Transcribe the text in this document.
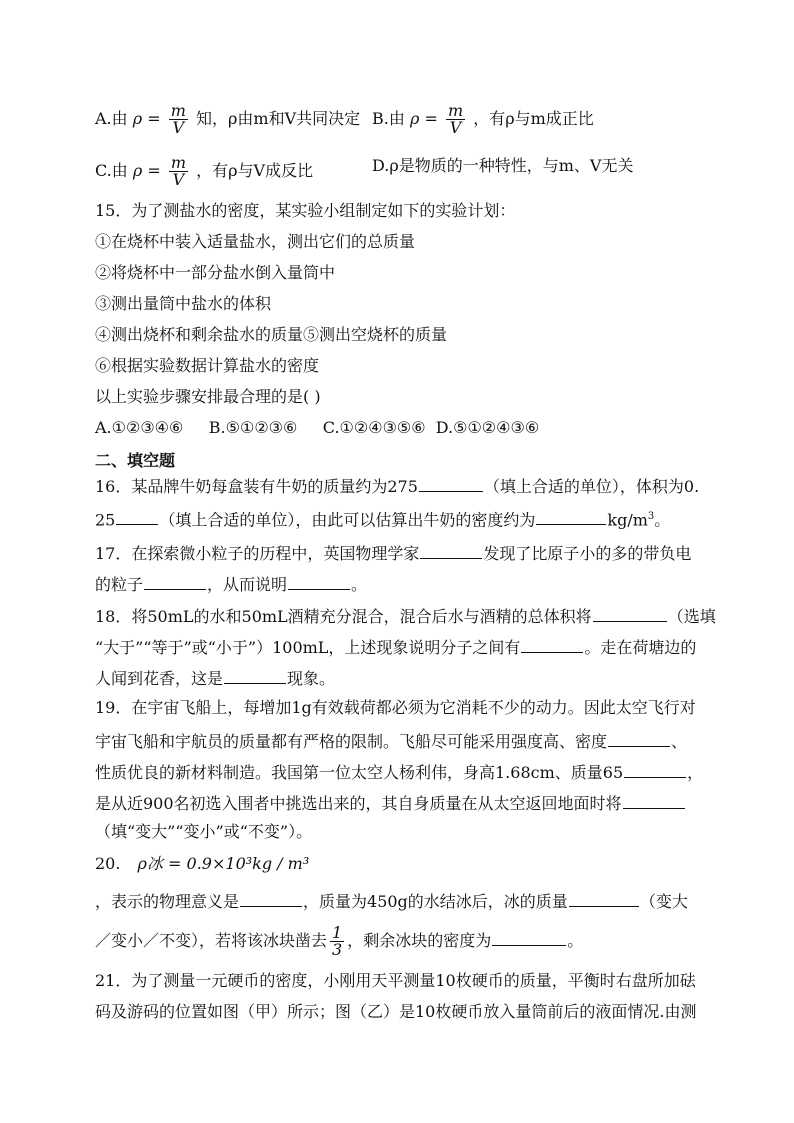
A.由 $\rho = \frac{m}{V}$ 知，ρ由m和V共同决定 B.由 $\rho = \frac{m}{V}$ ，有ρ与m成正比
C.由 $\rho = \frac{m}{V}$ ，有ρ与V成反比	D.ρ是物质的一种特性，与m、V无关
15．为了测盐水的密度，某实验小组制定如下的实验计划：
①在烧杯中装入适量盐水，测出它们的总质量
②将烧杯中一部分盐水倒入量筒中
③测出量筒中盐水的体积
④测出烧杯和剩余盐水的质量⑤测出空烧杯的质量
⑥根据实验数据计算盐水的密度
以上实验步骤安排最合理的是( )
A.①②③④⑥     B.⑤①②③⑥     C.①②④③⑤⑥  D.⑤①②④③⑥
二、填空题
16．某品牌牛奶每盒装有牛奶的质量约为275	（填上合适的单位），体积为0.
25	（填上合适的单位），由此可以估算出牛奶的密度约为	$kg/m^3$。
17．在探索微小粒子的历程中，英国物理学家	发现了比原子小的多的带负电
的粒子	，从而说明	。
18．将50mL的水和50mL酒精充分混合，混合后水与酒精的总体积将	（选填
“大于”“等于”或“小于”）100mL，上述现象说明分子之间有	。走在荷塘边的
人闻到花香，这是	现象。
19．在宇宙飞船上，每增加1g有效载荷都必须为它消耗不少的动力。因此太空飞行对
宇宙飞船和宇航员的质量都有严格的限制。飞船尽可能采用强度高、密度	、
性质优良的新材料制造。我国第一位太空人杨利伟，身高1.68cm、质量65	，
是从近900名初选入围者中挑选出来的，其自身质量在从太空返回地面时将
（填“变大”“变小”或“不变”）。
20. ρ冰 = 0.9×10³kg / m³
，表示的物理意义是	，质量为450g的水结冰后，冰的质量	（变大
／变小／不变），若将该冰块凿去 $\frac{1}{3}$ ，剩余冰块的密度为	。
21．为了测量一元硬币的密度，小刚用天平测量10枚硬币的质量，平衡时右盘所加砝
码及游码的位置如图（甲）所示；图（乙）是10枚硬币放入量筒前后的液面情况.由测
